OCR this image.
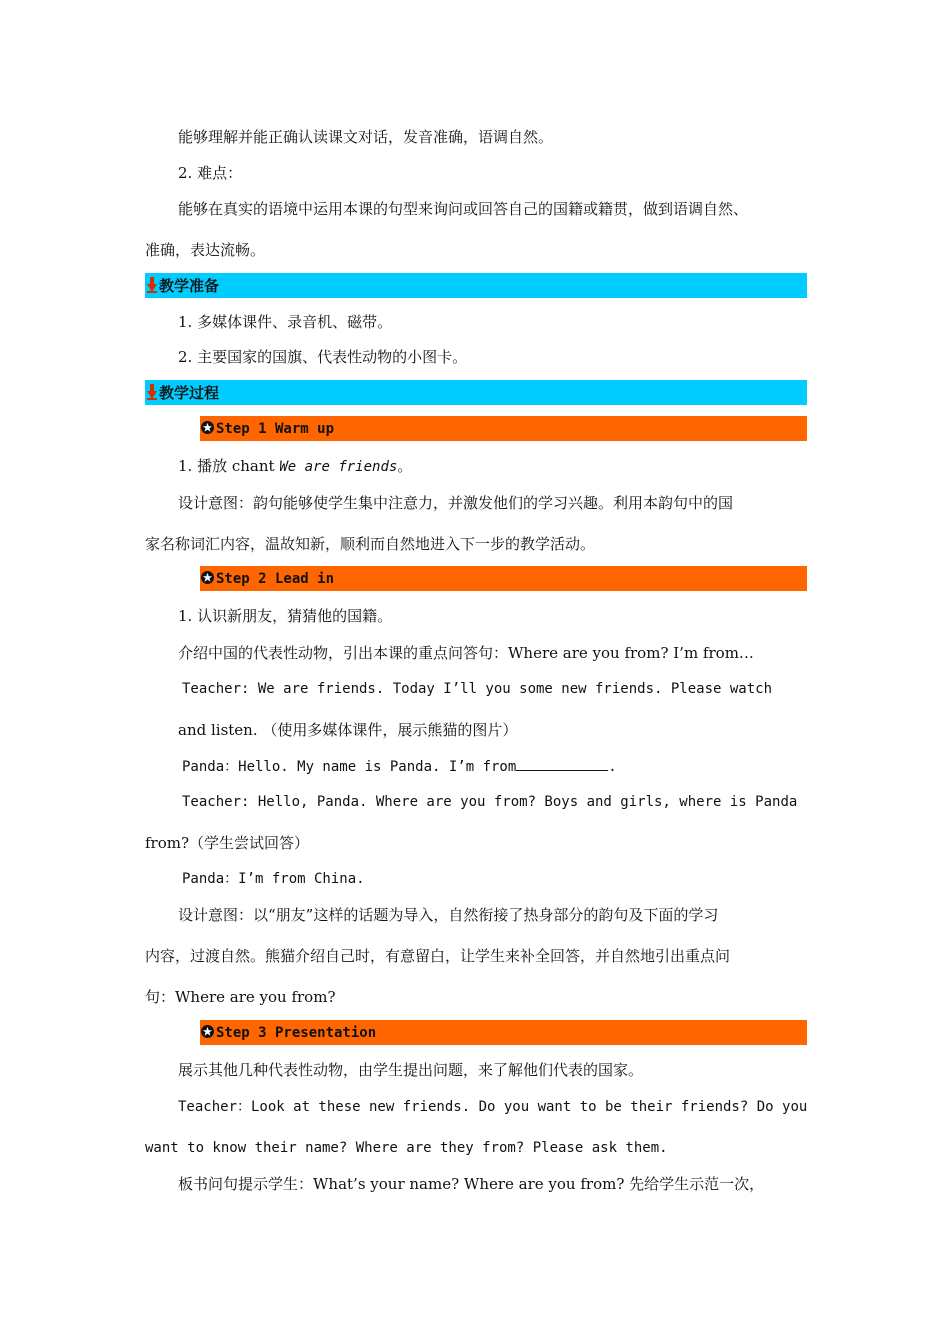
能够理解并能正确认读课文对话，发音准确，语调自然。
2. 难点：
能够在真实的语境中运用本课的句型来询问或回答自己的国籍或籍贯，做到语调自然、
准确，表达流畅。
教学准备
1. 多媒体课件、录音机、磁带。
2. 主要国家的国旗、代表性动物的小图卡。
教学过程
Step 1 Warm up
1. 播放 chant We are friends。
设计意图：韵句能够使学生集中注意力，并激发他们的学习兴趣。利用本韵句中的国
家名称词汇内容，温故知新，顺利而自然地进入下一步的教学活动。
Step 2 Lead in
1. 认识新朋友，猜猜他的国籍。
介绍中国的代表性动物，引出本课的重点问答句：Where are you from? I’m from…
Teacher: We are friends. Today I’ll you some new friends. Please watch
and listen. （使用多媒体课件，展示熊猫的图片）
Panda：Hello. My name is Panda. I’m from	.
Teacher: Hello, Panda. Where are you from? Boys and girls, where is Panda
from?（学生尝试回答）
Panda：I’m from China.
设计意图：以“朋友”这样的话题为导入，自然衔接了热身部分的韵句及下面的学习
内容，过渡自然。熊猫介绍自己时，有意留白，让学生来补全回答，并自然地引出重点问
句：Where are you from?
Step 3 Presentation
展示其他几种代表性动物，由学生提出问题，来了解他们代表的国家。
Teacher：Look at these new friends. Do you want to be their friends? Do you
want to know their name? Where are they from? Please ask them.
板书问句提示学生：What’s your name? Where are you from? 先给学生示范一次，
